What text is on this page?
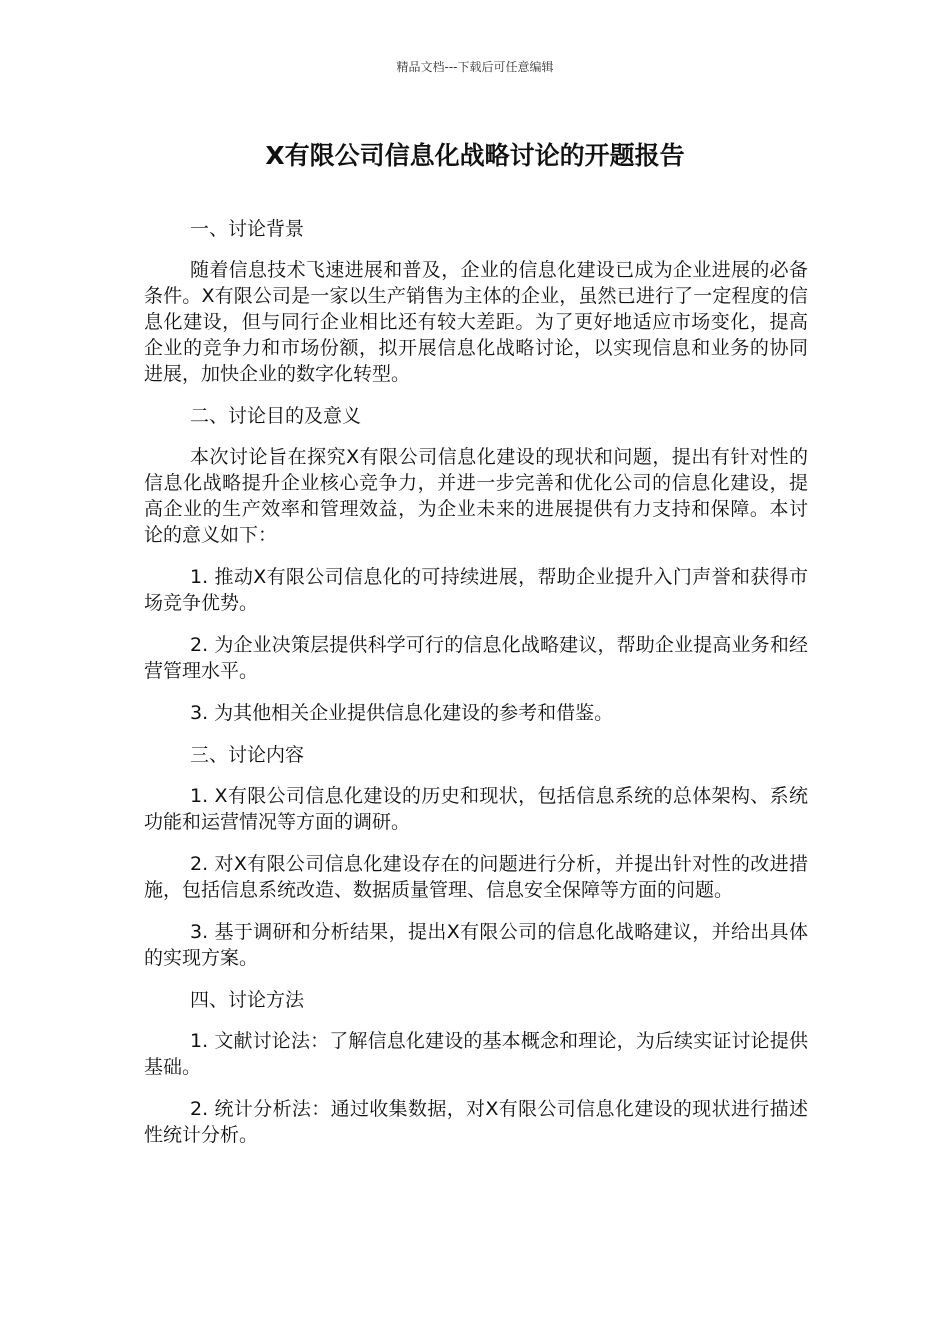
精品文档---下载后可任意编辑
X有限公司信息化战略讨论的开题报告

一、讨论背景

随着信息技术飞速进展和普及，企业的信息化建设已成为企业进展的必备条件。X有限公司是一家以生产销售为主体的企业，虽然已进行了一定程度的信息化建设，但与同行企业相比还有较大差距。为了更好地适应市场变化，提高企业的竞争力和市场份额，拟开展信息化战略讨论，以实现信息和业务的协同进展，加快企业的数字化转型。

二、讨论目的及意义

本次讨论旨在探究X有限公司信息化建设的现状和问题，提出有针对性的信息化战略提升企业核心竞争力，并进一步完善和优化公司的信息化建设，提高企业的生产效率和管理效益，为企业未来的进展提供有力支持和保障。本讨论的意义如下：

1. 推动X有限公司信息化的可持续进展，帮助企业提升入门声誉和获得市场竞争优势。

2. 为企业决策层提供科学可行的信息化战略建议，帮助企业提高业务和经营管理水平。

3. 为其他相关企业提供信息化建设的参考和借鉴。

三、讨论内容

1. X有限公司信息化建设的历史和现状，包括信息系统的总体架构、系统功能和运营情况等方面的调研。

2. 对X有限公司信息化建设存在的问题进行分析，并提出针对性的改进措施，包括信息系统改造、数据质量管理、信息安全保障等方面的问题。

3. 基于调研和分析结果，提出X有限公司的信息化战略建议，并给出具体的实现方案。

四、讨论方法

1. 文献讨论法：了解信息化建设的基本概念和理论，为后续实证讨论提供基础。

2. 统计分析法：通过收集数据，对X有限公司信息化建设的现状进行描述性统计分析。
